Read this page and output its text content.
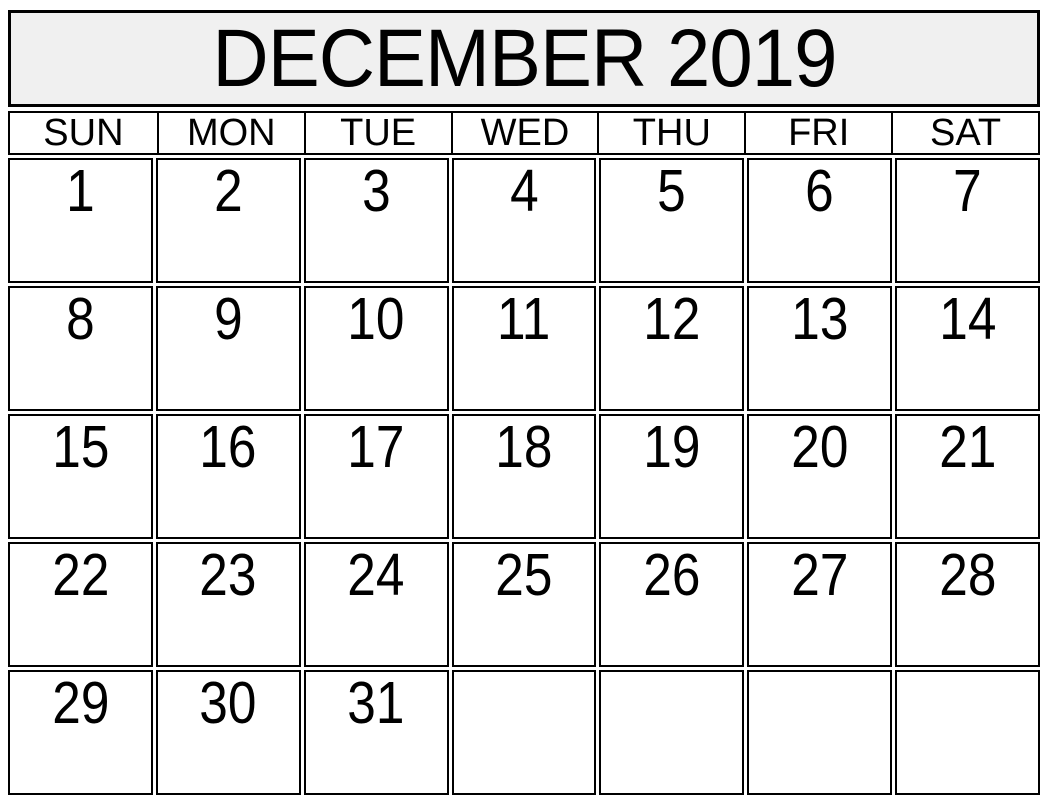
DECEMBER 2019
SUN	MON	TUE	WED	THU	FRI	SAT
1	2	3	4	5	6	7
8	9	10	11	12	13	14
15	16	17	18	19	20	21
22	23	24	25	26	27	28
29	30	31
